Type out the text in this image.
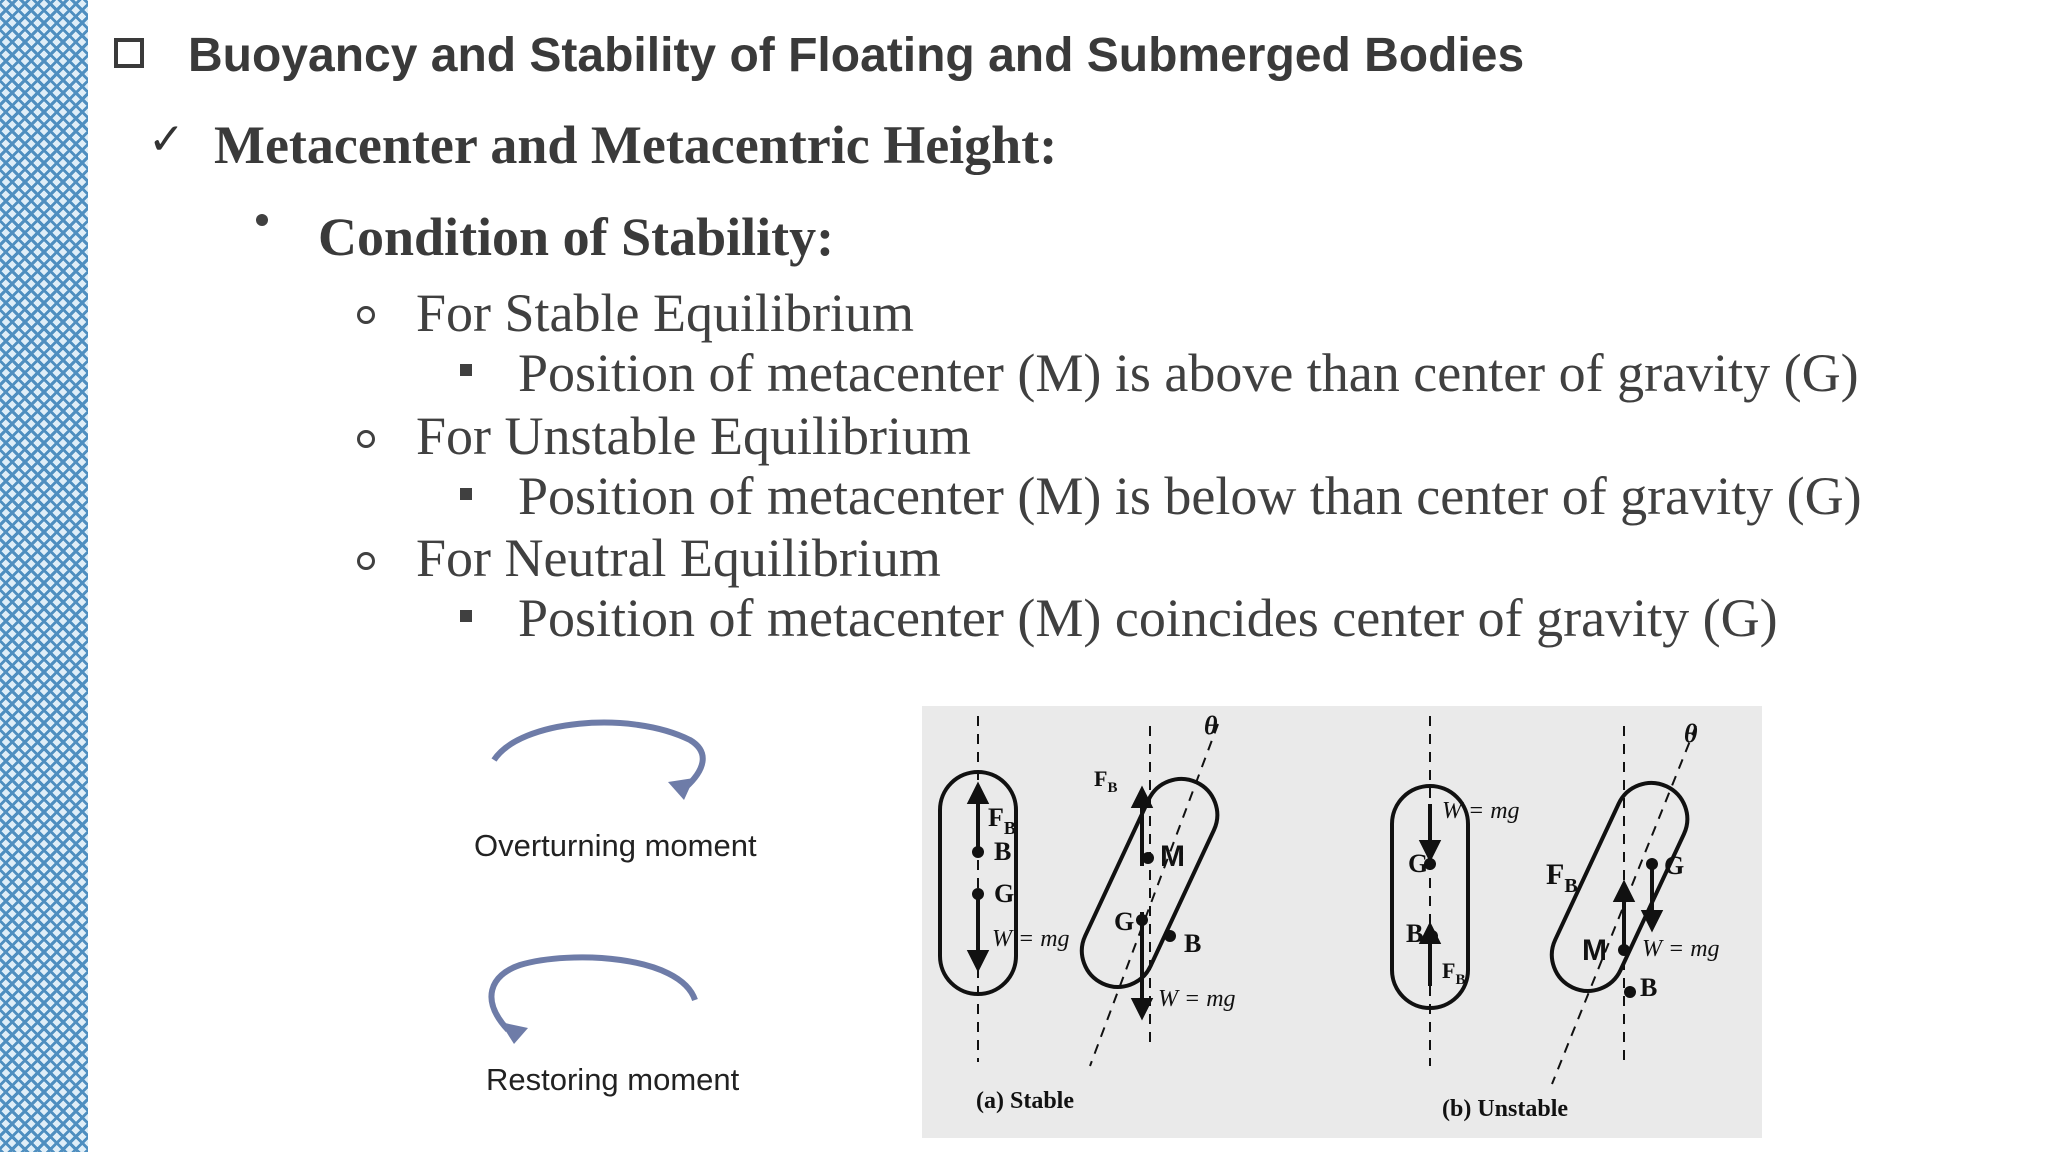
Buoyancy and Stability of Floating and Submerged Bodies
✓ Metacenter and Metacentric Height:
Condition of Stability:
For Stable Equilibrium
Position of metacenter (M) is above than center of gravity (G)
For Unstable Equilibrium
Position of metacenter (M) is below than center of gravity (G)
For Neutral Equilibrium
Position of metacenter (M) coincides center of gravity (G)
Overturning moment
Restoring moment
$F_B$
B
G
W = mg
$F_B$
M
G
B
W = mg
θ
G
B
W = mg
$F_B$
G
$F_B$
M W = mg
B
θ
(a) Stable	(b) Unstable
